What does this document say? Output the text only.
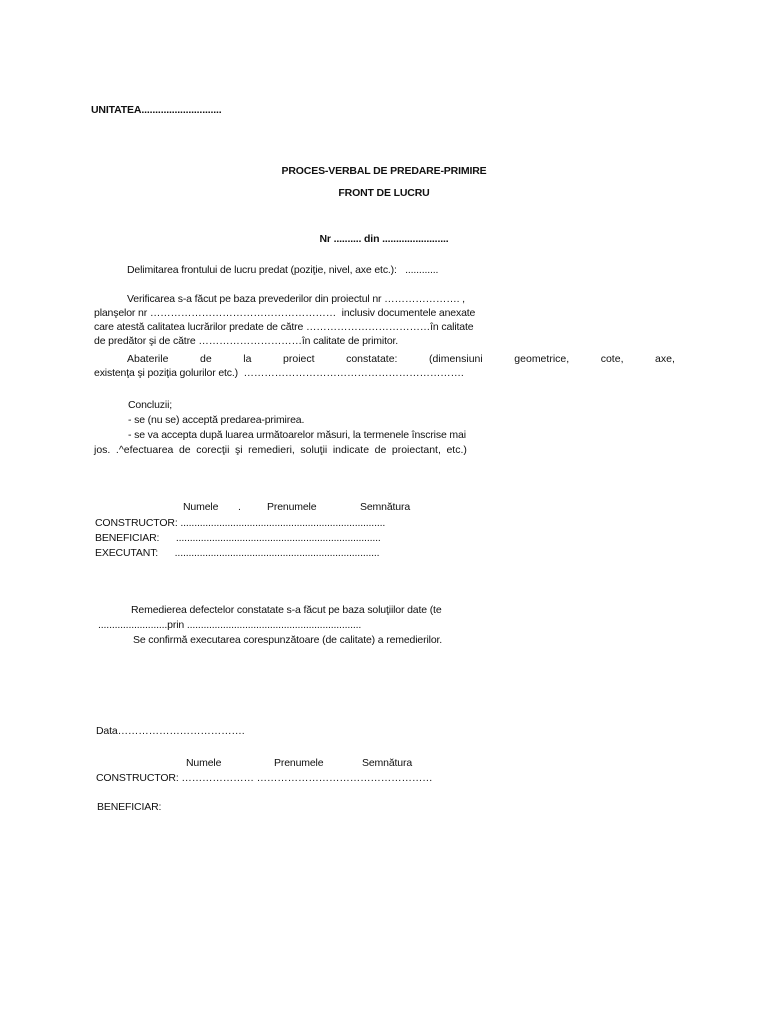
UNITATEA.............................
PROCES-VERBAL DE PREDARE-PRIMIRE
FRONT DE LUCRU
Nr .......... din ........................
Delimitarea frontului de lucru predat (poziţie, nivel, axe etc.):   ............
Verificarea s-a făcut pe baza prevederilor din proiectul nr …………………. ,
planşelor nr ………………………………………………  inclusiv documentele anexate
care atestă calitatea lucrărilor predate de către ………………………………în calitate
de predător şi de către …………………………în calitate de primitor.
Abaterile	de	la	proiect	constatate:	(dimensiuni	geometrice,	cote,	axe,
existenţa şi poziţia golurilor etc.)  ……………………………………………………….
Concluzii;
- se (nu se) acceptă predarea-primirea.
- se va accepta după luarea următoarelor măsuri, la termenele înscrise mai
jos. .^efectuarea de corecţii şi remedieri, soluţii indicate de proiectant, etc.)
Numele . Prenumele	Semnătura
CONSTRUCTOR: ..........................................................................
BENEFICIAR:      ..........................................................................
EXECUTANT:      ..........................................................................
Remedierea defectelor constatate s-a făcut pe baza soluţiilor date (te
.........................prin ...............................................................
Se confirmă executarea corespunzătoare (de calitate) a remedierilor.
Data……………………………….
Numele	Prenumele	Semnătura
CONSTRUCTOR: ………………… ……………………………………………
BENEFICIAR:
